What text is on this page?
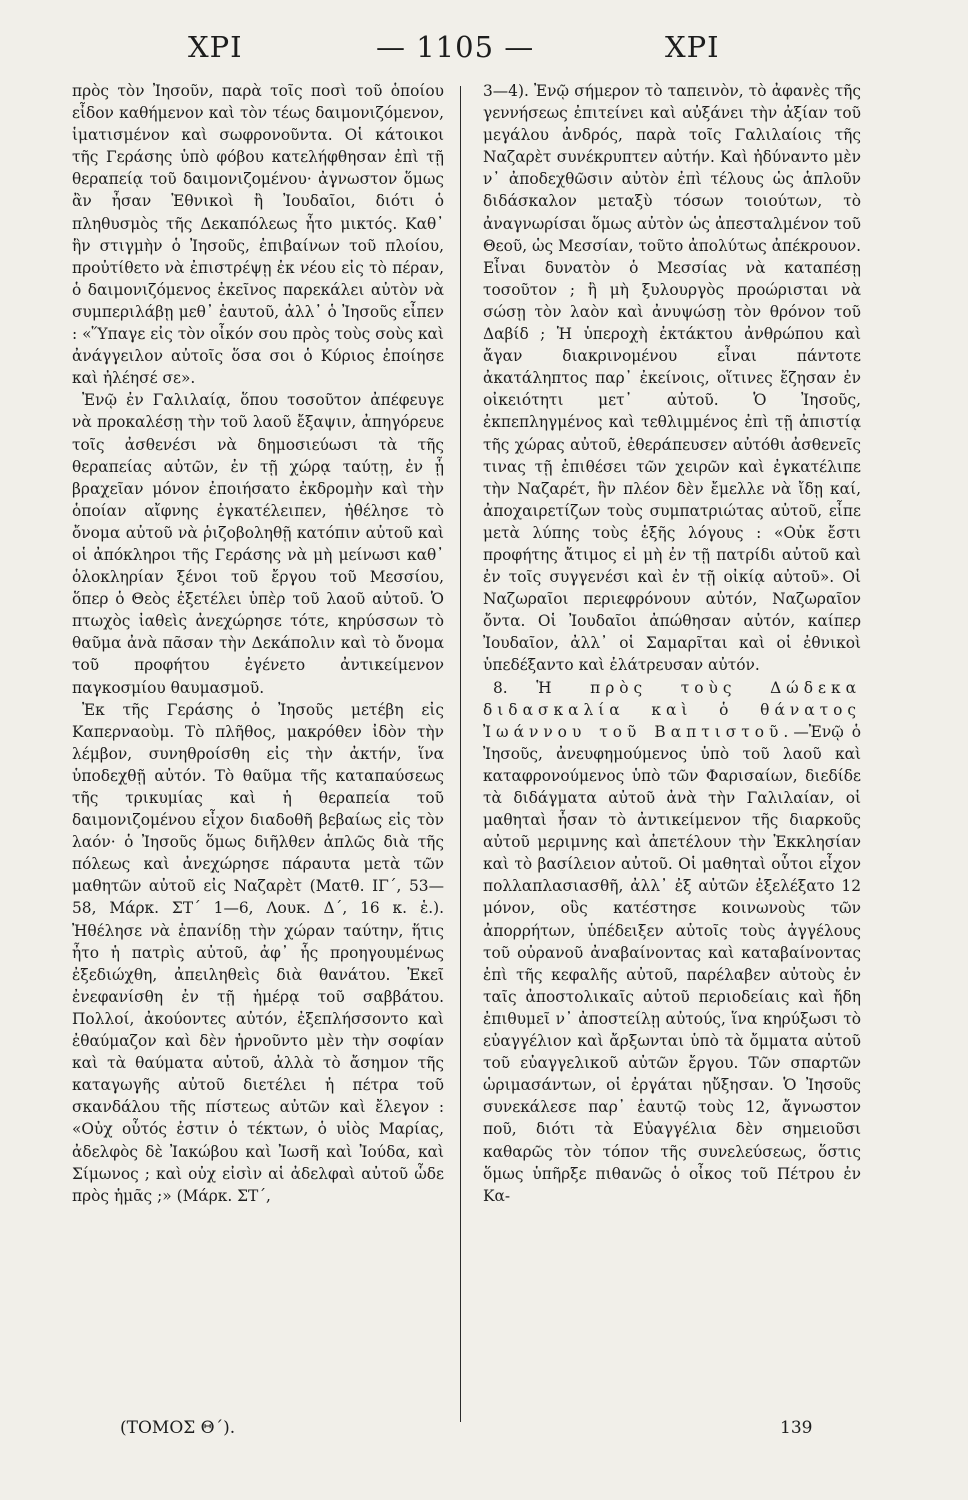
ΧΡΙ	— 1105 —	ΧΡΙ

πρὸς τὸν Ἰησοῦν, παρὰ τοῖς ποσὶ τοῦ ὁποίου εἶδον καθήμενον καὶ τὸν τέως δαιμονιζόμενον, ἱματισμένον καὶ σωφρονοῦντα. Οἱ κάτοικοι τῆς Γεράσης ὑπὸ φόβου κατελήφθησαν ἐπὶ τῇ θεραπείᾳ τοῦ δαιμονιζομένου· ἀγνωστον ὅμως ἂν ἦσαν Ἐθνικοὶ ἢ Ἰουδαῖοι, διότι ὁ πληθυσμὸς τῆς Δεκαπόλεως ἦτο μικτός. Καθ᾽ ἣν στιγμὴν ὁ Ἰησοῦς, ἐπιβαίνων τοῦ πλοίου, προὐτίθετο νὰ ἐπιστρέψῃ ἐκ νέου εἰς τὸ πέραν, ὁ δαιμονιζόμενος ἐκεῖνος παρεκάλει αὐτὸν νὰ συμπεριλάβῃ μεθ᾽ ἑαυτοῦ, ἀλλ᾽ ὁ Ἰησοῦς εἶπεν : «Ὕπαγε εἰς τὸν οἶκόν σου πρὸς τοὺς σοὺς καὶ ἀνάγγειλον αὐτοῖς ὅσα σοι ὁ Κύριος ἐποίησε καὶ ἠλέησέ σε».

Ἐνῷ ἐν Γαλιλαίᾳ, ὅπου τοσοῦτον ἀπέφευγε νὰ προκαλέσῃ τὴν τοῦ λαοῦ ἔξαψιν, ἀπηγόρευε τοῖς ἀσθενέσι νὰ δημοσιεύωσι τὰ τῆς θεραπείας αὐτῶν, ἐν τῇ χώρᾳ ταύτῃ, ἐν ᾗ βραχεῖαν μόνον ἐποιήσατο ἐκδρομὴν καὶ τὴν ὁποίαν αἴφνης ἐγκατέλειπεν, ἠθέλησε τὸ ὄνομα αὐτοῦ νὰ ῥιζοβοληθῇ κατόπιν αὐτοῦ καὶ οἱ ἀπόκληροι τῆς Γεράσης νὰ μὴ μείνωσι καθ᾽ ὁλοκληρίαν ξένοι τοῦ ἔργου τοῦ Μεσσίου, ὅπερ ὁ Θεὸς ἐξετέλει ὑπὲρ τοῦ λαοῦ αὐτοῦ. Ὁ πτωχὸς ἰαθεὶς ἀνεχώρησε τότε, κηρύσσων τὸ θαῦμα ἀνὰ πᾶσαν τὴν Δεκάπολιν καὶ τὸ ὄνομα τοῦ προφήτου ἐγένετο ἀντικείμενον παγκοσμίου θαυμασμοῦ.

Ἐκ τῆς Γεράσης ὁ Ἰησοῦς μετέβη εἰς Καπερναοὺμ. Τὸ πλῆθος, μακρόθεν ἰδὸν τὴν λέμβον, συνηθροίσθη εἰς τὴν ἀκτήν, ἵνα ὑποδεχθῇ αὐτόν. Τὸ θαῦμα τῆς καταπαύσεως τῆς τρικυμίας καὶ ἡ θεραπεία τοῦ δαιμονιζομένου εἶχον διαδοθῆ βεβαίως εἰς τὸν λαόν· ὁ Ἰησοῦς ὅμως διῆλθεν ἁπλῶς διὰ τῆς πόλεως καὶ ἀνεχώρησε πάραυτα μετὰ τῶν μαθητῶν αὐτοῦ εἰς Ναζαρὲτ (Ματθ. ΙΓ´, 53—58, Μάρκ. ΣΤ´ 1—6, Λουκ. Δ´, 16 κ. ἑ.). Ἠθέλησε νὰ ἐπανίδῃ τὴν χώραν ταύτην, ἥτις ἦτο ἡ πατρὶς αὐτοῦ, ἀφ᾽ ἧς προηγουμένως ἐξεδιώχθη, ἀπειληθεὶς διὰ θανάτου. Ἐκεῖ ἐνεφανίσθη ἐν τῇ ἡμέρᾳ τοῦ σαββάτου. Πολλοί, ἀκούοντες αὐτόν, ἐξεπλήσσοντο καὶ ἐθαύμαζον καὶ δὲν ἠρνοῦντο μὲν τὴν σοφίαν καὶ τὰ θαύματα αὐτοῦ, ἀλλὰ τὸ ἄσημον τῆς καταγωγῆς αὐτοῦ διετέλει ἡ πέτρα τοῦ σκανδάλου τῆς πίστεως αὐτῶν καὶ ἔλεγον : «Οὐχ οὗτός ἐστιν ὁ τέκτων, ὁ υἱὸς Μαρίας, ἀδελφὸς δὲ Ἰακώβου καὶ Ἰωσῆ καὶ Ἰούδα, καὶ Σίμωνος ; καὶ οὐχ εἰσὶν αἱ ἀδελφαὶ αὐτοῦ ὧδε πρὸς ἡμᾶς ;» (Μάρκ. ΣΤ´,

3—4). Ἐνῷ σήμερον τὸ ταπεινὸν, τὸ ἀφανὲς τῆς γεννήσεως ἐπιτείνει καὶ αὐξάνει τὴν ἀξίαν τοῦ μεγάλου ἀνδρός, παρὰ τοῖς Γαλιλαίοις τῆς Ναζαρὲτ συνέκρυπτεν αὐτήν. Καὶ ἠδύναντο μὲν ν᾽ ἀποδεχθῶσιν αὐτὸν ἐπὶ τέλους ὡς ἁπλοῦν διδάσκαλον μεταξὺ τόσων τοιούτων, τὸ ἀναγνωρίσαι ὅμως αὐτὸν ὡς ἀπεσταλμένον τοῦ Θεοῦ, ὡς Μεσσίαν, τοῦτο ἀπολύτως ἀπέκρουον. Εἶναι δυνατὸν ὁ Μεσσίας νὰ καταπέσῃ τοσοῦτον ; ἢ μὴ ξυλουργὸς προώρισται νὰ σώσῃ τὸν λαὸν καὶ ἀνυψώσῃ τὸν θρόνον τοῦ Δαβίδ ; Ἡ ὑπεροχὴ ἐκτάκτου ἀνθρώπου καὶ ἄγαν διακρινομένου εἶναι πάντοτε ἀκατάληπτος παρ᾽ ἐκείνοις, οἵτινες ἔζησαν ἐν οἰκειότητι μετ᾽ αὐτοῦ. Ὁ Ἰησοῦς, ἐκπεπληγμένος καὶ τεθλιμμένος ἐπὶ τῇ ἀπιστίᾳ τῆς χώρας αὐτοῦ, ἐθεράπευσεν αὐτόθι ἀσθενεῖς τινας τῇ ἐπιθέσει τῶν χειρῶν καὶ ἐγκατέλιπε τὴν Ναζαρέτ, ἣν πλέον δὲν ἔμελλε νὰ ἴδῃ καί, ἀποχαιρετίζων τοὺς συμπατριώτας αὐτοῦ, εἶπε μετὰ λύπης τοὺς ἑξῆς λόγους : «Οὐκ ἔστι προφήτης ἄτιμος εἰ μὴ ἐν τῇ πατρίδι αὐτοῦ καὶ ἐν τοῖς συγγενέσι καὶ ἐν τῇ οἰκίᾳ αὐτοῦ». Οἱ Ναζωραῖοι περιεφρόνουν αὐτόν, Ναζωραῖον ὄντα. Οἱ Ἰουδαῖοι ἀπώθησαν αὐτόν, καίπερ Ἰουδαῖον, ἀλλ᾽ οἱ Σαμαρῖται καὶ οἱ ἐθνικοὶ ὑπεδέξαντο καὶ ἐλάτρευσαν αὐτόν.

8. Ἡ πρὸς τοὺς Δώδεκα διδασκαλία καὶ ὁ θάνατος Ἰωάννου τοῦ Βαπτιστοῦ.—Ἐνῷ ὁ Ἰησοῦς, ἀνευφημούμενος ὑπὸ τοῦ λαοῦ καὶ καταφρονούμενος ὑπὸ τῶν Φαρισαίων, διεδίδε τὰ διδάγματα αὐτοῦ ἀνὰ τὴν Γαλιλαίαν, οἱ μαθηταὶ ἦσαν τὸ ἀντικείμενον τῆς διαρκοῦς αὐτοῦ μεριμνης καὶ ἀπετέλουν τὴν Ἐκκλησίαν καὶ τὸ βασίλειον αὐτοῦ. Οἱ μαθηταὶ οὗτοι εἶχον πολλαπλασιασθῆ, ἀλλ᾽ ἐξ αὐτῶν ἐξελέξατο 12 μόνον, οὓς κατέστησε κοινωνοὺς τῶν ἀπορρήτων, ὑπέδειξεν αὐτοῖς τοὺς ἀγγέλους τοῦ οὐρανοῦ ἀναβαίνοντας καὶ καταβαίνοντας ἐπὶ τῆς κεφαλῆς αὐτοῦ, παρέλαβεν αὐτοὺς ἐν ταῖς ἀποστολικαῖς αὐτοῦ περιοδείαις καὶ ἤδη ἐπιθυμεῖ ν᾽ ἀποστείλῃ αὐτούς, ἵνα κηρύξωσι τὸ εὐαγγέλιον καὶ ἄρξωνται ὑπὸ τὰ ὄμματα αὐτοῦ τοῦ εὐαγγελικοῦ αὐτῶν ἔργου. Τῶν σπαρτῶν ὡριμασάντων, οἱ ἐργάται ηὔξησαν. Ὁ Ἰησοῦς συνεκάλεσε παρ᾽ ἑαυτῷ τοὺς 12, ἄγνωστον ποῦ, διότι τὰ Εὐαγγέλια δὲν σημειοῦσι καθαρῶς τὸν τόπον τῆς συνελεύσεως, ὅστις ὅμως ὑπῆρξε πιθανῶς ὁ οἶκος τοῦ Πέτρου ἐν Κα-

(ΤΟΜΟΣ Θ΄).	139
